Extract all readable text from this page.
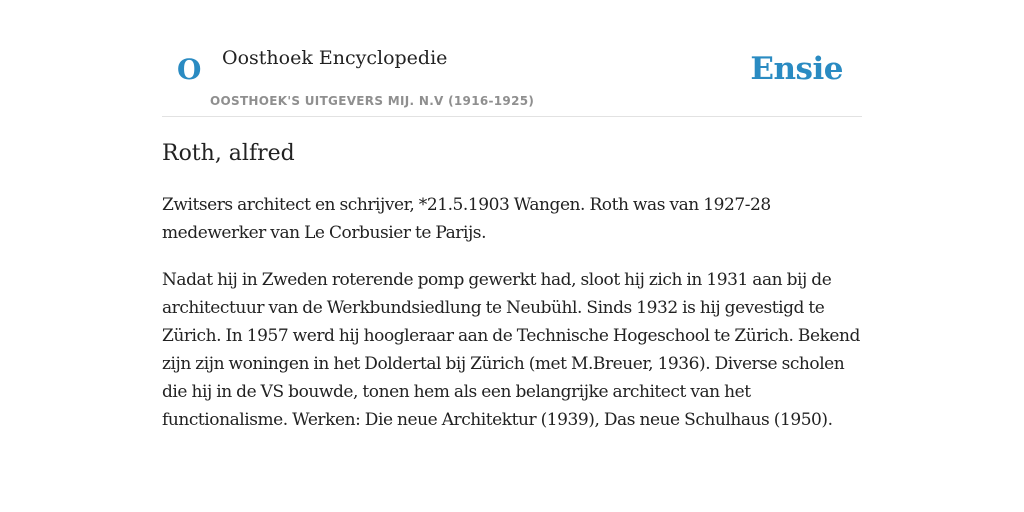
O Oosthoek Encyclopedie
OOSTHOEK'S UITGEVERS MIJ. N.V (1916-1925)
Ensie
Roth, alfred

Zwitsers architect en schrijver, *21.5.1903 Wangen. Roth was van 1927-28 medewerker van Le Corbusier te Parijs.

Nadat hij in Zweden roterende pomp gewerkt had, sloot hij zich in 1931 aan bij de architectuur van de Werkbundsiedlung te Neubühl. Sinds 1932 is hij gevestigd te Zürich. In 1957 werd hij hoogleraar aan de Technische Hogeschool te Zürich. Bekend zijn zijn woningen in het Doldertal bij Zürich (met M.Breuer, 1936). Diverse scholen die hij in de VS bouwde, tonen hem als een belangrijke architect van het functionalisme. Werken: Die neue Architektur (1939), Das neue Schulhaus (1950).
